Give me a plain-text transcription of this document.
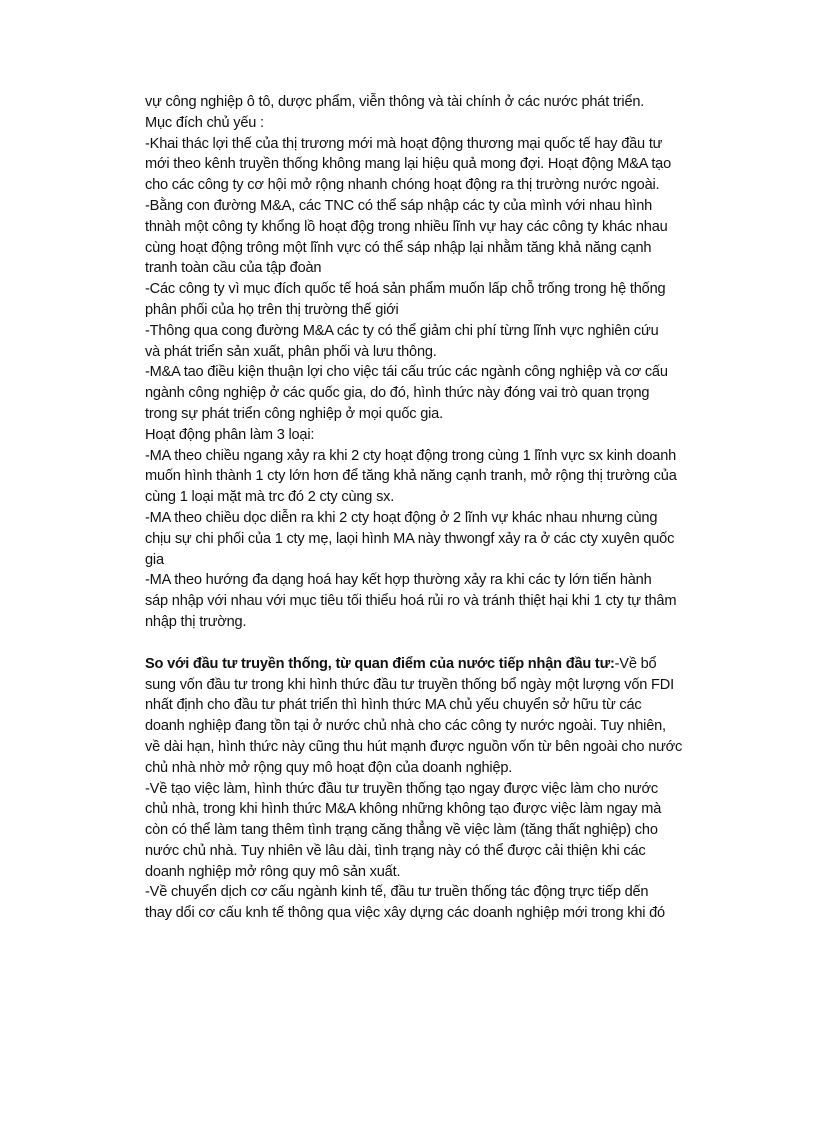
vự công nghiệp ô tô, dược phẩm, viễn thông và tài chính ở các nước phát triển.
Mục đích chủ yếu :
-Khai thác lợi thế của thị trương mới mà hoạt động thương mại quốc tế hay đầu tư
mới theo kênh truyền thống không mang lại hiệu quả mong đợi. Hoạt động M&A tạo
cho các công ty cơ hội mở rộng nhanh chóng hoạt động ra thị trường nước ngoài.
-Bằng con đường M&A, các TNC có thể sáp nhập các ty của mình với nhau hình
thnàh một công ty khổng lồ hoạt độg trong nhiều lĩnh vự hay các công ty khác nhau
cùng hoạt động trông một lĩnh vực có thể sáp nhập lại nhằm tăng khả năng cạnh
tranh toàn cầu của tập đoàn
-Các công ty vì mục đích quốc tế hoá sản phẩm muốn lấp chỗ trống trong hệ thống
phân phối của họ trên thị trường thế giới
-Thông qua cong đường M&A các ty có thể giảm chi phí từng lĩnh vực nghiên cứu
và phát triển sản xuất, phân phối và lưu thông.
-M&A tao điều kiện thuận lợi cho việc tái cấu trúc các ngành công nghiệp và cơ cấu
ngành công nghiệp ở các quốc gia, do đó, hình thức này đóng vai trò quan trọng
trong sự phát triển công nghiệp ở mọi quốc gia.
Hoạt động phân làm 3 loại:
-MA theo chiều ngang xảy ra khi 2 cty hoạt động trong cùng 1 lĩnh vực sx kinh doanh
muốn hình thành 1 cty lớn hơn để tăng khả năng cạnh tranh, mở rộng thị trường của
cùng 1 loại mặt mà trc đó 2 cty cùng sx.
-MA theo chiều dọc diễn ra khi 2 cty hoạt động ở 2 lĩnh vự khác nhau nhưng cùng
chịu sự chi phối của 1 cty mẹ, laọi hình MA này thwongf xảy ra ở các cty xuyên quốc
gia
-MA theo hướng đa dạng hoá hay kết hợp thường xảy ra khi các ty lớn tiến hành
sáp nhập với nhau với mục tiêu tối thiểu hoá rủi ro và tránh thiệt hại khi 1 cty tự thâm
nhập thị trường.
So với đầu tư truyền thống, từ quan điểm của nước tiếp nhận đầu tư:-Về bổ
sung vốn đầu tư trong khi hình thức đầu tư truyền thống bổ ngày một lượng vốn FDI
nhất định cho đầu tư phát triển thì hình thức MA chủ yếu chuyển sở hữu từ các
doanh nghiệp đang tồn tại ở nước chủ nhà cho các công ty nước ngoài. Tuy nhiên,
về dài hạn, hình thức này cũng thu hút mạnh được nguồn vốn từ bên ngoài cho nước
chủ nhà nhờ mở rộng quy mô hoạt độn của doanh nghiệp.
-Về tạo việc làm, hình thức đầu tư truyền thống tạo ngay được việc làm cho nước
chủ nhà, trong khi hình thức M&A không những không tạo được việc làm ngay mà
còn có thể làm tang thêm tình trạng căng thẳng về việc làm (tăng thất nghiệp) cho
nước chủ nhà. Tuy nhiên về lâu dài, tình trạng này có thể được cải thiện khi các
doanh nghiệp mở rông quy mô sản xuất.
-Về chuyển dịch cơ cấu ngành kinh tế, đầu tư truền thống tác động trực tiếp dến
thay dổi cơ cấu knh tế thông qua việc xây dựng các doanh nghiệp mới trong khi đó
